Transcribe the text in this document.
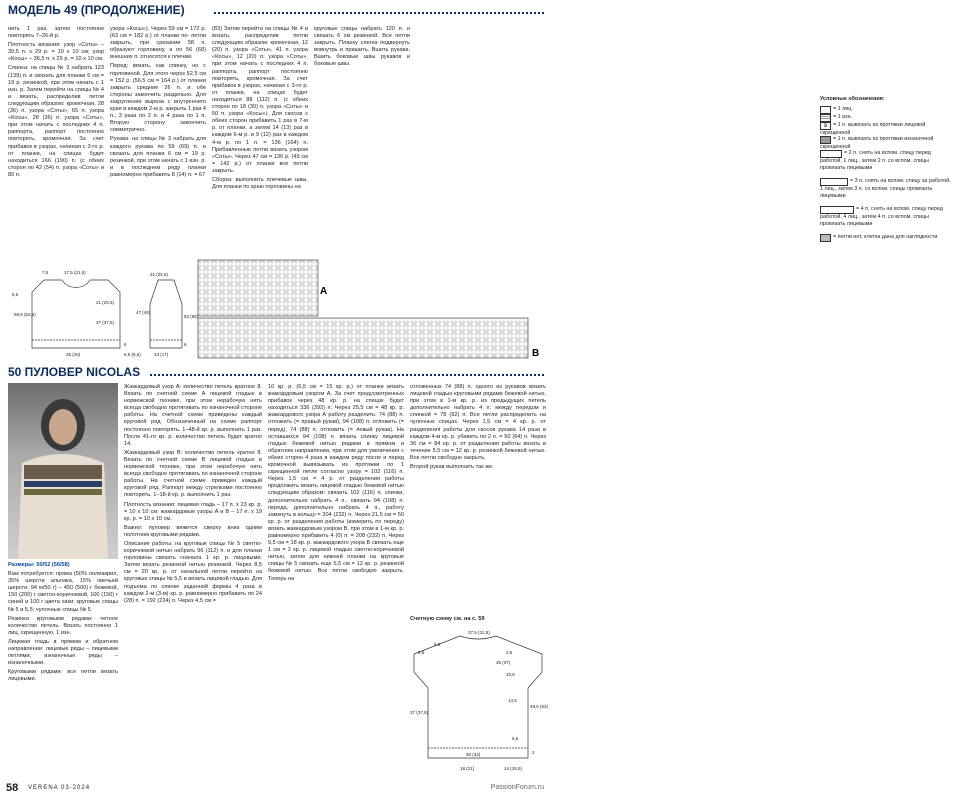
МОДЕЛЬ 49 (ПРОДОЛЖЕНИЕ)

нить 1 раз, затем постоянно повторять 7–26-й р.

Плотность вязания: узор «Соты» – 30,5 п. х 29 р. = 10 х 10 см; узор «Косы» – 36,5 п. х 29 р. = 10 х 10 см.

Спинка: на спицы № 3 набрать 123 (139) п. и связать для планки 6 см = 19 р. резинкой, при этом начать с 1 изн. р. Затем перейти на спицы № 4 и вязать, распределив петли следующим образом: кромочная, 28 (36) п. узора «Соты», 65 п. узора «Косы», 28 (36) п. узора «Соты», при этом начать с последних 4 п. раппорта, раппорт постоянно повторять, кромочная. За счет прибавок в узорах, начиная с 3-го р. от планки, на спицах будет находиться 166 (190) п. (с обеих сторон по 42 (54) п. узора «Соты» и 80 п.

узора «Косы»). Через 59 см = 172 р. (63 см = 182 р.) от планки по- петли закрыть, при срезании 58 п. образуют горловину, а по 56 (68) внешних п. относятся к плечам.

Перед: вязать, как спинку, но с горловиной. Для этого через 52,5 см = 152 р. (56,5 см = 164 р.) от планки закрыть средние 26 п. и обе стороны закончить раздельно. Для закругления выреза с внутреннего края в каждом 2-м р. закрыть 1 раз 4 п., 3 раза по 2 п. и 4 раза по 1 п. Вторую сторону закончить симметрично.

Рукава: на спицы № 3 набрать для каждого рукава по 59 (69) п. и связать для планки 6 см = 19 р. резинкой, при этом начать с 1 изн. р. и в последнем ряду планки равномерно прибавить 8 (14) п. = 67

(83) Затем перейти на спицы № 4 и вязать, распределив петли следующим образом: кромочная, 12 (20) п. узора «Соты», 41 п. узора «Косы», 12 (20) п. узора «Соты», при этом начать с последних 4 п. раппорта, раппорт постоянно повторять, кромочная. За счет прибавок в узорах, начиная с 3-го р. от планки, на спицах будет находиться 88 (112) п. (с обеих сторон по 18 (30) п. узора «Соты» и 50 п. узора «Косы»). Для скосов с обеих сторон прибавить 1 раз в 7-м р. от планки, а затем 14 (13) раз в каждом 6-м р. и 9 (12) раз в каждом 4-м р. по 1 п. = 136 (164) п. Прибавленные петли вязать узором «Соты». Через 47 см = 136 р. (49 см = 142 р.) от планки все петли закрыть.

Сборка: выполнить плечевые швы. Для планки по краю горловины на

круговые спицы набрать 120 п. и связать 6 см резинкой. Все петли закрыть. Планку слегка подвернуть вовнутрь и пришить. Вшить рукава. Вшить боковые швы рукавов и боковые швы.

Условные обозначения:
= 1 лиц.
= 1 изн.
Ջ = 1 п. вывязать из протяжки лицевой скрещенной
= 1 п. вывязать из протяжки изнаночной скрещенной
= 2 п. снять на вспом. спицу перед работой, 1 лиц., затем 2 п. со вспом. спицы провязать лицевыми
= 3 п. снять на вспом. спицу за работой, 1 лиц., затем 3 п. со вспом. спицы провязать лицевыми
= 4 п. снять на вспом. спицу перед работой, 4 лиц., затем 4 п. со вспом. спицы провязать лицевыми
= петли нет, клетка дана для наглядности
7,5	17,5 (21,5)
6,5
21 (25,5)
37 (37,5)
58,5 (62,5)
25 (29)
6
21 (25,5)
47 (49)
6
6,5 (8,5)	13 (17)
53 (55)
A
B
50 ПУЛОВЕР NICOLAS

Размеры: 50/52 (56/58)

Вам потребуется: пряжа (50% полиакрил, 35% шерсти альпака, 15% овечьей шерсти; 94 м/50 г) – 450 (500) г бежевой, 150 (200) г светло-коричневой, 100 (150) г синей и 100 г цвета хаки; круговые спицы № 5 и 5,5; чулочные спицы № 5.

Резинка круговыми рядами: четное количество петель. Вязать постоянно 1 лиц. скрещенную, 1 изн.

Лицевая гладь в прямом и обратном направлении: лицевые ряды – лицевыми петлями, изнаночные ряды – изнаночными.

Круговыми рядами: все петли вязать лицевыми.

Жаккардовый узор А: количество петель кратное 8. Вязать по счетной схеме А лицевой гладью в норвежской технике, при этом нерабочую нить всегда свободно протягивать по изнаночной стороне работы. На счетной схеме приведены каждый круговой ряд. Обозначенный на схеме раппорт постоянно повторять. 1–48-й кр. р. выполнить 1 раз. После 41-го кр. р. количество петель будет кратно 14.

Жаккардовый узор В: количество петель кратно 8. Вязать по счетной схеме В лицевой гладью в норвежской технике, при этом нерабочую нить всегда свободно протягивать по изнаночной стороне работы. На счетной схеме приведен каждый круговой ряд. Раппорт между стрелками постоянно повторять. 1–18-й кр. р. выполнить 1 раз.

Плотность вязания: лицевая гладь – 17 п. х 23 кр. р. = 10 х 10 см; жаккардовые узоры А и В – 17 п. х 19 кр. р. = 10 х 10 см.

Важно: пуловер вяжется сверху вниз одним полотном круговыми рядами.

Описание работы: на круговые спицы № 5 светло-коричневой нитью набрать 96 (112) п. и для планки горловины связать сначала 1 кр. р. лицевыми. Затем вязать резинкой нитью резинкой. Через 8,5 см = 20 кр. р. от начальной петли перейти на круговые спицы № 5,5 и вязать лицевой гладью. Для подъема по спинке заданной формы 4 раза в каждом 2-м (3-м) кр. р. равномерно прибавить по 24 (28) п. = 192 (224) п. Через 4,5 см =

10 кр. р. (6,5 см = 15 кр. р.) от планки вязать жаккардовым узором А. За счет предусмотренных прибавок через 48 кр. р. на спицах будет находиться 336 (392) п. Через 25,5 см = 48 кр. р. жаккардового узора А работу разделить: 74 (88) п. отложить (= правый рукав), 94 (108) п. отложить (= перед), 74 (88) п. отложить (= левый рукав). На оставшихся 94 (108) п. вязать спинку лицевой гладью бежевой нитью рядами в прямом и обратном направлении, при этом для увеличения с обеих сторон 4 раза в каждом ряду после и перед кромочной вывязывать из протяжки по 1 скрещенной петле согласно узору = 102 (116) п. Через 1,5 см = 4 р. от разделения работы продолжить вязать лицевой гладью бежевой нитью следующим образом: связать 102 (116) п. спинки, дополнительно набрать 4 п., связать 94 (108) п. переда, дополнительно набрать 4 п., работу замкнуть в кольцо = 204 (232) п. Через 21,5 см = 50 кр. р. от разделения работы (измерить по переду) вязать жаккардовым узором В, при этом в 1-м кр. р. равномерно прибавить 4 (0) п. = 208 (232) п. Через 9,5 см = 18 кр. р. жаккардового узора В связать еще 1 см = 2 кр. р. лицевой гладью светло-коричневой нитью, затем для нижней планки на круговые спицы № 5 связать еще 5,5 см = 12 кр. р. резинкой бежевой нитью. Все петли свободно закрыть. Теперь на

отложенных 74 (88) п. одного из рукавов вязать лицевой гладью круговыми рядами бежевой нитью, при этом в 1-м кр. р. из предыдущих петель дополнительно набрать 4 п. между передом и спинкой = 78 (92) п. Все петли распределить на чулочных спицах. Через 1,5 см = 4 кр. р. от разделения работы для скосов рукава 14 раза в каждом 4-м кр. р. убавить по 2 п. = 50 (64) п. Через 36 см = 84 кр. р. от разделения работы вязать в течение 5,5 см = 12 кр. р. резинкой бежевой нитью. Все петли свободно закрыть.

Второй рукав выполнить так же.

Счетную схему см. на с. 59
27,5 (31,5)
35 (37)
3,5
10,5
37 (37,5)
14,5
5,5
2
30 (34)
48,5 (53)
18 (21)	14 (15,5)
5,5
8,5
58 VERENA 03-2024	PassionForum.ru
